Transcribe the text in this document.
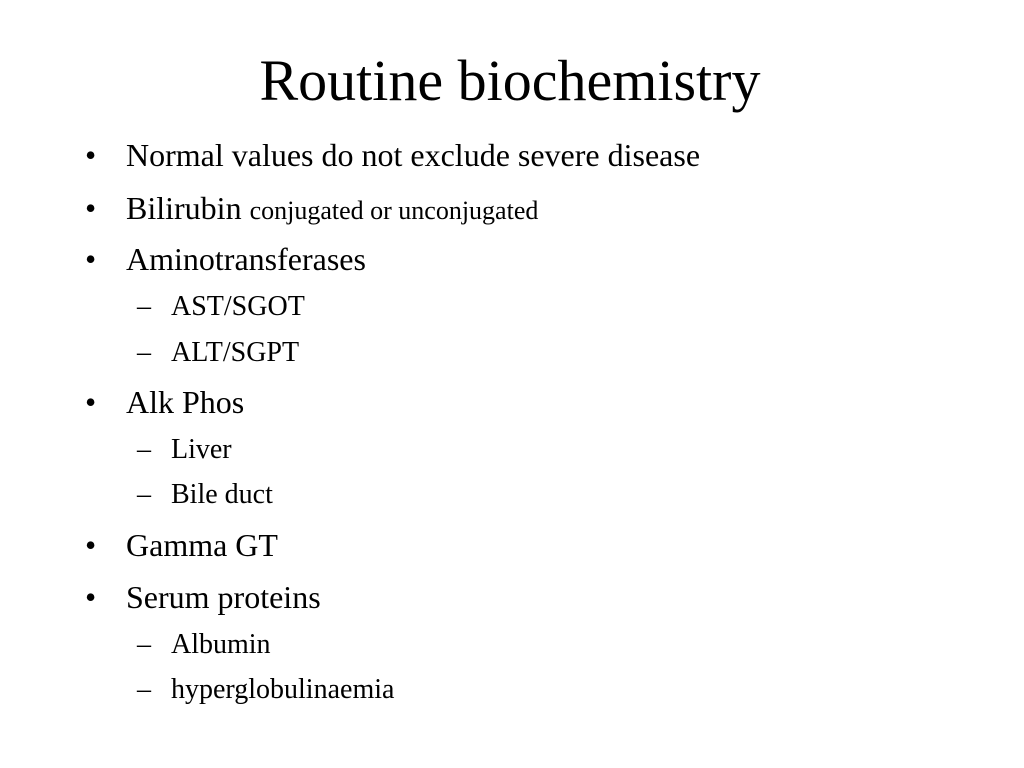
Routine biochemistry
• Normal values do not exclude severe disease
• Bilirubin conjugated or unconjugated
• Aminotransferases
– AST/SGOT
– ALT/SGPT
• Alk Phos
– Liver
– Bile duct
• Gamma GT
• Serum proteins
– Albumin
– hyperglobulinaemia
